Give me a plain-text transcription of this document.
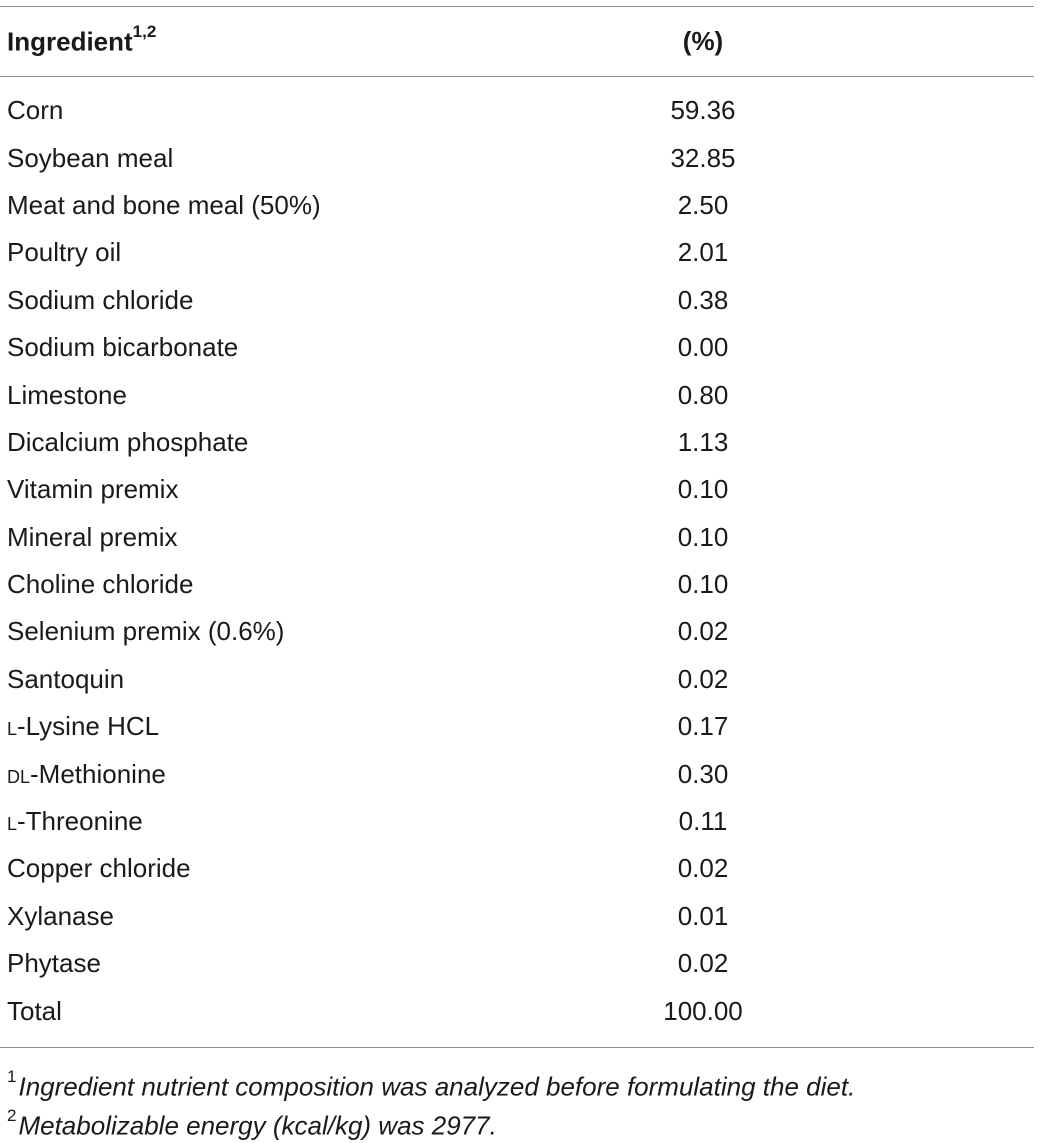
Ingredient$^{1,2}$	(%)
Corn	59.36
Soybean meal	32.85
Meat and bone meal (50%)	2.50
Poultry oil	2.01
Sodium chloride	0.38
Sodium bicarbonate	0.00
Limestone	0.80
Dicalcium phosphate	1.13
Vitamin premix	0.10
Mineral premix	0.10
Choline chloride	0.10
Selenium premix (0.6%)	0.02
Santoquin	0.02
l-Lysine HCL	0.17
dl-Methionine	0.30
l-Threonine	0.11
Copper chloride	0.02
Xylanase	0.01
Phytase	0.02
Total	100.00
$^1$Ingredient nutrient composition was analyzed before formulating the diet.
$^2$Metabolizable energy (kcal/kg) was 2977.
